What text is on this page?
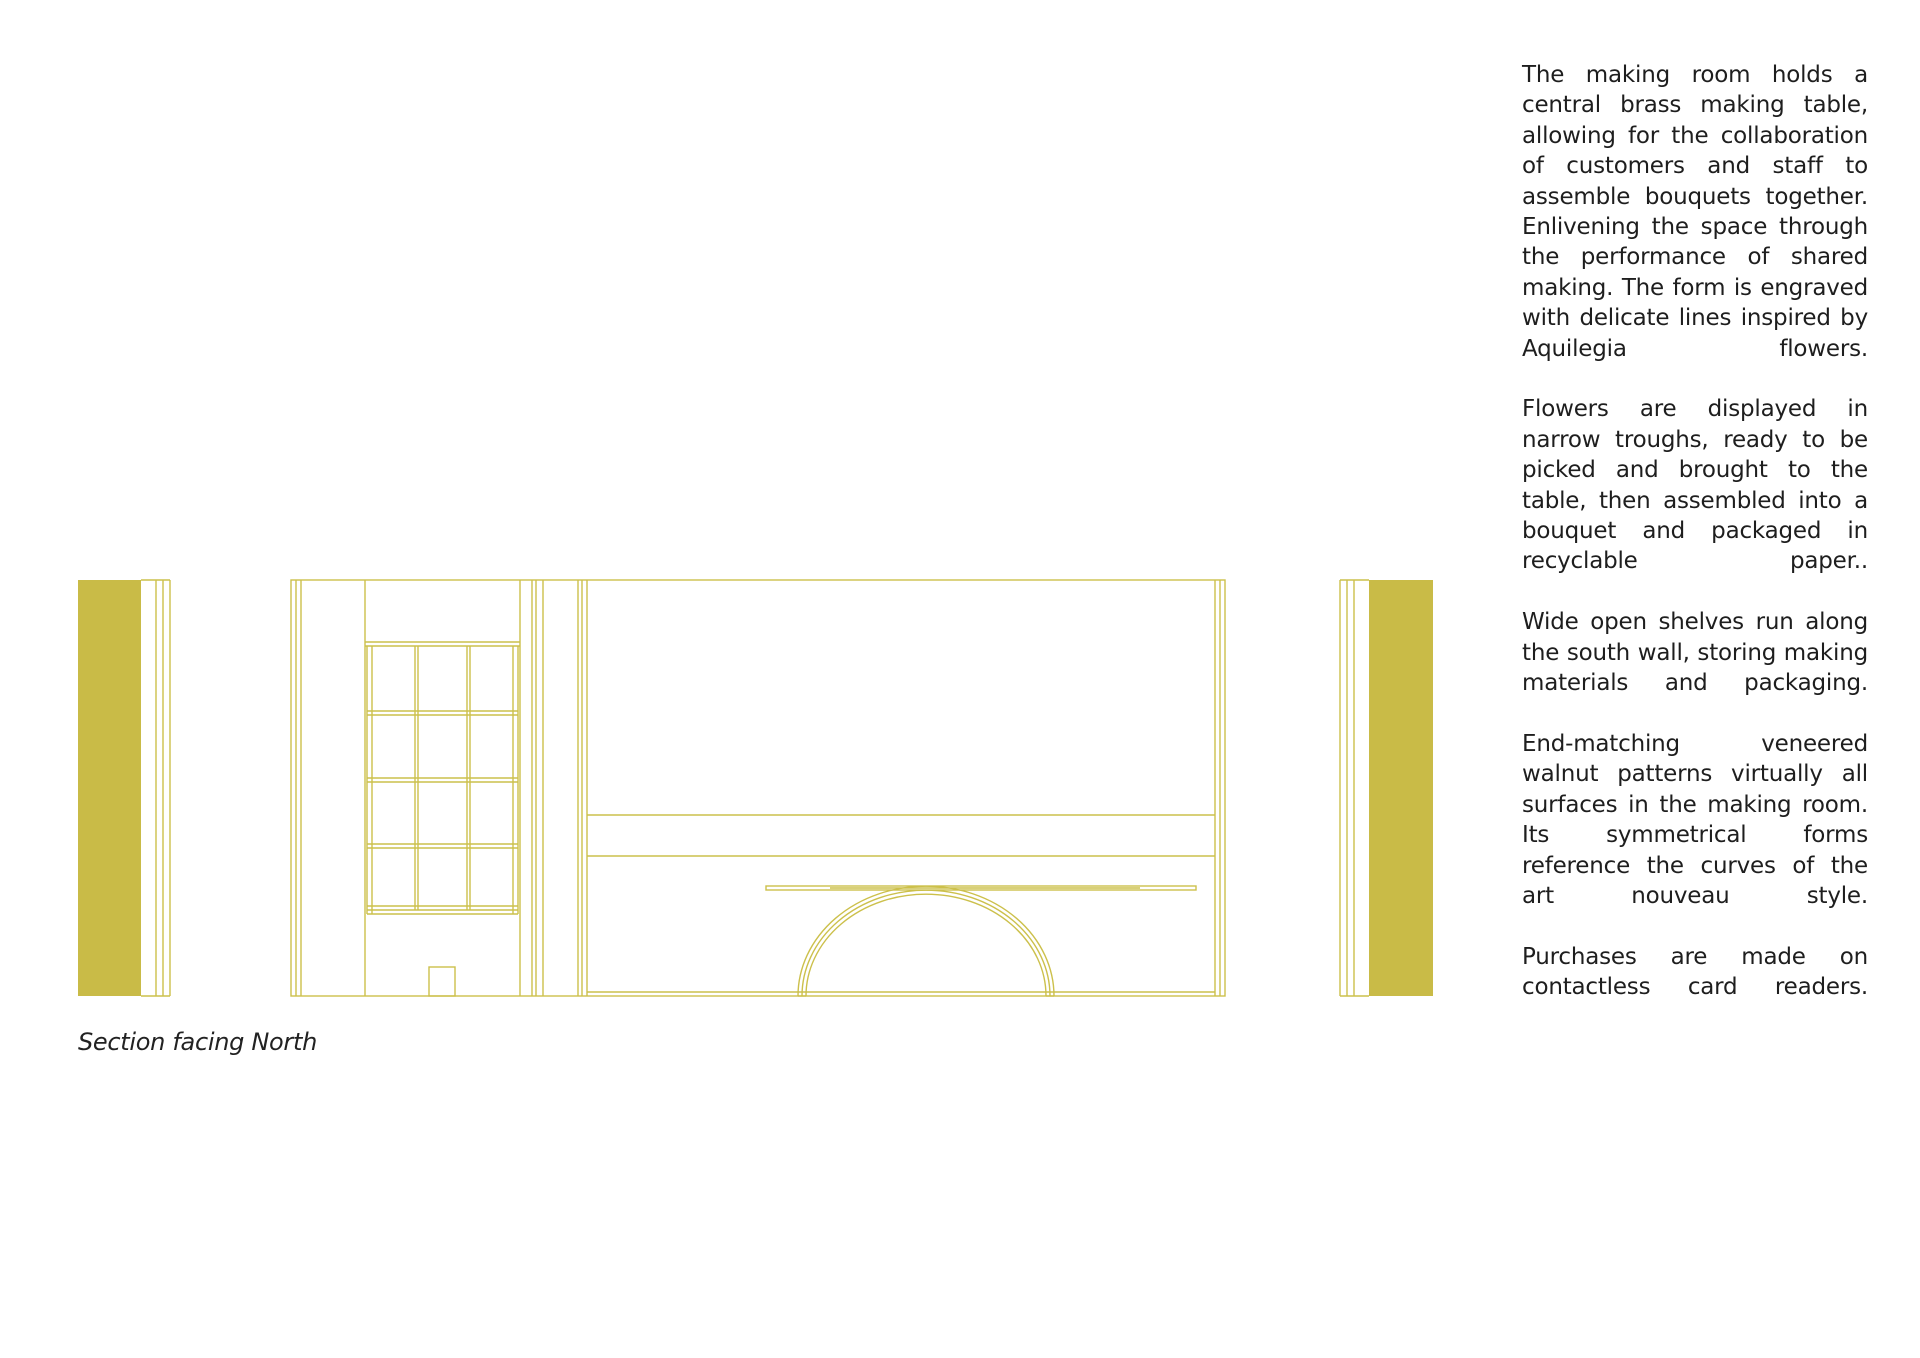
Section facing North

The making room holds a central brass making table, allowing for the collaboration of customers and staff to assemble bouquets together. Enlivening the space through the performance of shared making. The form is engraved with delicate lines inspired by Aquilegia flowers.

Flowers are displayed in narrow troughs, ready to be picked and brought to the table, then assembled into a bouquet and packaged in recyclable paper..

Wide open shelves run along the south wall, storing making materials and packaging.

End-matching veneered walnut patterns virtually all surfaces in the making room. Its symmetrical forms reference the curves of the art nouveau style.

Purchases are made on contactless card readers.
